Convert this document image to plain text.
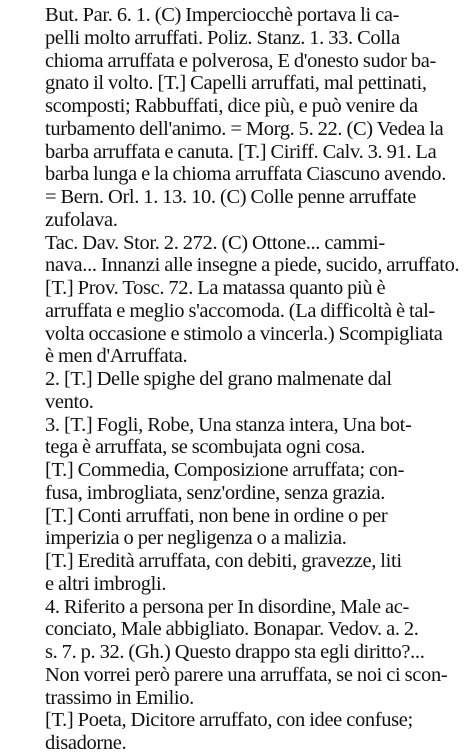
But. Par. 6. 1. (C) Imperciocchè portava li ca-
pelli molto arruffati. Poliz. Stanz. 1. 33. Colla
chioma arruffata e polverosa, E d'onesto sudor ba-
gnato il volto. [T.] Capelli arruffati, mal pettinati,
scomposti; Rabbuffati, dice più, e può venire da
turbamento dell'animo. = Morg. 5. 22. (C) Vedea la
barba arruffata e canuta. [T.] Ciriff. Calv. 3. 91. La
barba lunga e la chioma arruffata Ciascuno avendo.
= Bern. Orl. 1. 13. 10. (C) Colle penne arruffate
zufolava.

Tac. Dav. Stor. 2. 272. (C) Ottone... cammi-
nava... Innanzi alle insegne a piede, sucido, arruffato.

[T.] Prov. Tosc. 72. La matassa quanto più è
arruffata e meglio s'accomoda. (La difficoltà è tal-
volta occasione e stimolo a vincerla.) Scompigliata
è men d'Arruffata.

2. [T.] Delle spighe del grano malmenate dal
vento.

3. [T.] Fogli, Robe, Una stanza intera, Una bot-
tega è arruffata, se scombujata ogni cosa.

[T.] Commedia, Composizione arruffata; con-
fusa, imbrogliata, senz'ordine, senza grazia.

[T.] Conti arruffati, non bene in ordine o per
imperizia o per negligenza o a malizia.

[T.] Eredità arruffata, con debiti, gravezze, liti
e altri imbrogli.

4. Riferito a persona per In disordine, Male ac-
conciato, Male abbigliato. Bonapar. Vedov. a. 2.
s. 7. p. 32. (Gh.) Questo drappo sta egli diritto?...
Non vorrei però parere una arruffata, se noi ci scon-
trassimo in Emilio.

[T.] Poeta, Dicitore arruffato, con idee confuse;
disadorne.
